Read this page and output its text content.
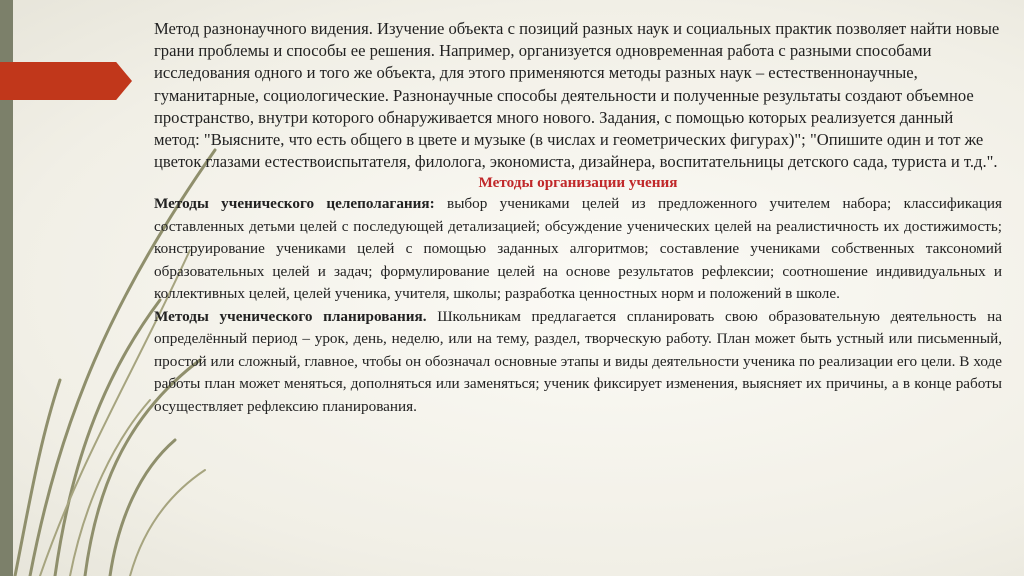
Метод разнонаучного видения. Изучение объекта с позиций разных наук и социальных практик позволяет найти новые грани проблемы и способы ее решения. Например, организуется одновременная работа с разными способами исследования одного и того же объекта, для этого применяются методы разных наук – естественнонаучные, гуманитарные, социологические. Разнонаучные способы деятельности и полученные результаты создают объемное пространство, внутри которого обнаруживается много нового. Задания, с помощью которых реализуется данный метод: "Выясните, что есть общего в цвете и музыке (в числах и геометрических фигурах)"; "Опишите один и тот же цветок глазами естествоиспытателя, филолога, экономиста, дизайнера, воспитательницы детского сада, туриста и т.д.".

Методы организации учения

Методы ученического целеполагания: выбор учениками целей из предложенного учителем набора; классификация составленных детьми целей с последующей детализацией; обсуждение ученических целей на реалистичность их достижимость; конструирование учениками целей с помощью заданных алгоритмов; составление учениками собственных таксономий образовательных целей и задач; формулирование целей на основе результатов рефлексии; соотношение индивидуальных и коллективных целей, целей ученика, учителя, школы; разработка ценностных норм и положений в школе.

Методы ученического планирования. Школьникам предлагается спланировать свою образовательную деятельность на определённый период – урок, день, неделю, или на тему, раздел, творческую работу. План может быть устный или письменный, простой или сложный, главное, чтобы он обозначал основные этапы и виды деятельности ученика по реализации его цели. В ходе работы план может меняться, дополняться или заменяться; ученик фиксирует изменения, выясняет их причины, а в конце работы осуществляет рефлексию планирования.
